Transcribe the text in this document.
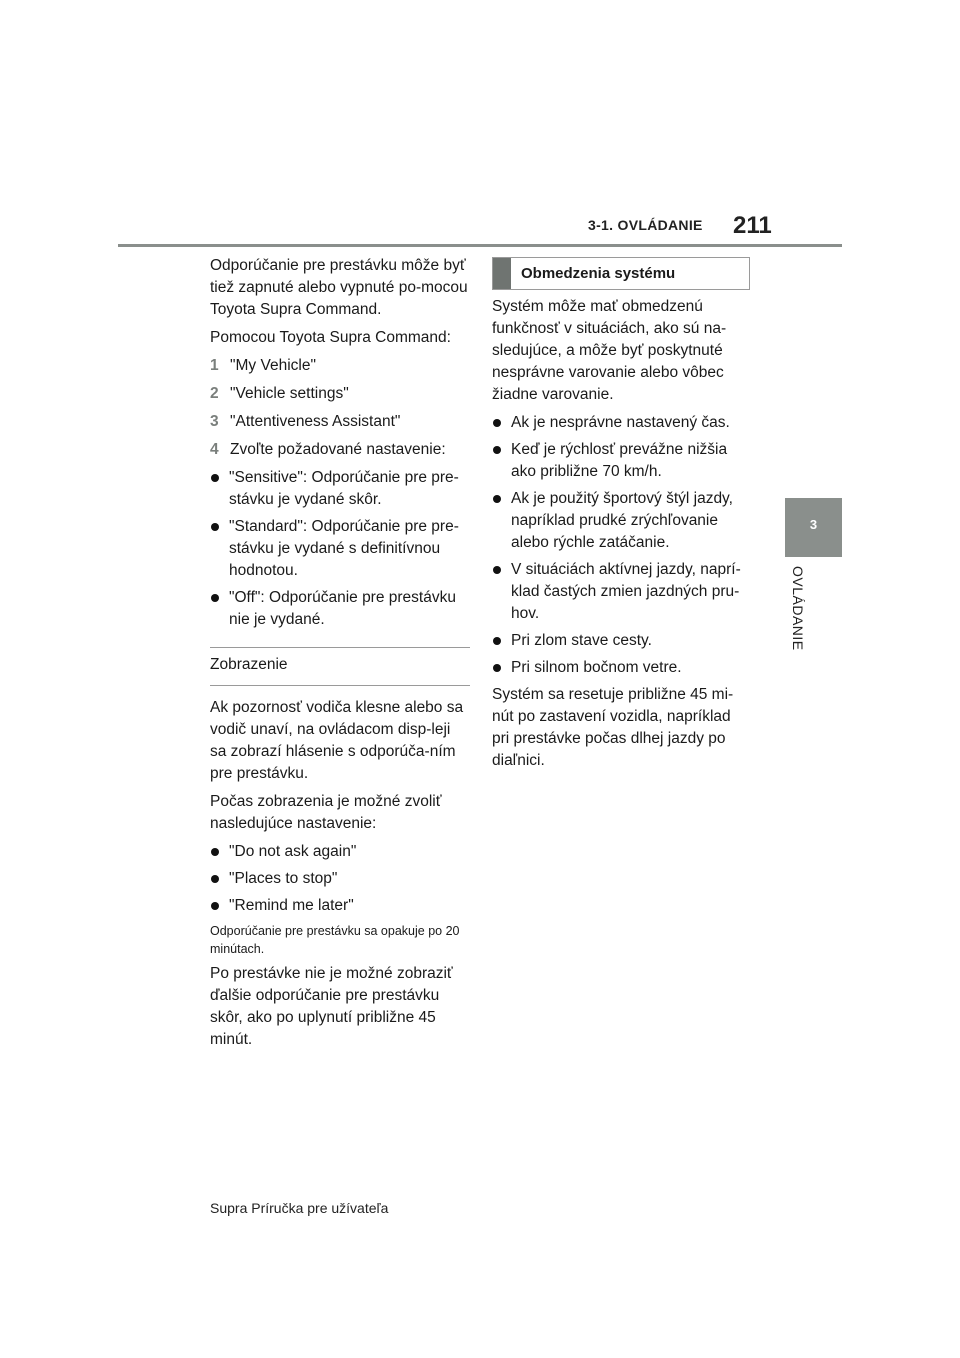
3-1. OVLÁDANIE 211
3
OVLÁDANIE

Odporúčanie pre prestávku môže byť tiež zapnuté alebo vypnuté po-mocou Toyota Supra Command.

Pomocou Toyota Supra Command:

1 "My Vehicle"

2 "Vehicle settings"

3 "Attentiveness Assistant"

4 Zvoľte požadované nastavenie:

"Sensitive": Odporúčanie pre pre-stávku je vydané skôr.

"Standard": Odporúčanie pre pre-stávku je vydané s definitívnou hodnotou.

"Off": Odporúčanie pre prestávku nie je vydané.

Zobrazenie

Ak pozornosť vodiča klesne alebo sa vodič unaví, na ovládacom disp-leji sa zobrazí hlásenie s odporúča-ním pre prestávku.

Počas zobrazenia je možné zvoliť nasledujúce nastavenie:

"Do not ask again"

"Places to stop"

"Remind me later"

Odporúčanie pre prestávku sa opakuje po 20 minútach.

Po prestávke nie je možné zobraziť ďalšie odporúčanie pre prestávku skôr, ako po uplynutí približne 45 minút.

Obmedzenia systému

Systém môže mať obmedzenú funkčnosť v situáciách, ako sú na-sledujúce, a môže byť poskytnuté nesprávne varovanie alebo vôbec žiadne varovanie.

Ak je nesprávne nastavený čas.

Keď je rýchlosť prevážne nižšia ako približne 70 km/h.

Ak je použitý športový štýl jazdy, napríklad prudké zrýchľovanie alebo rýchle zatáčanie.

V situáciách aktívnej jazdy, naprí-klad častých zmien jazdných pru-hov.

Pri zlom stave cesty.

Pri silnom bočnom vetre.

Systém sa resetuje približne 45 mi-nút po zastavení vozidla, napríklad pri prestávke počas dlhej jazdy po diaľnici.

Supra Príručka pre užívateľa
